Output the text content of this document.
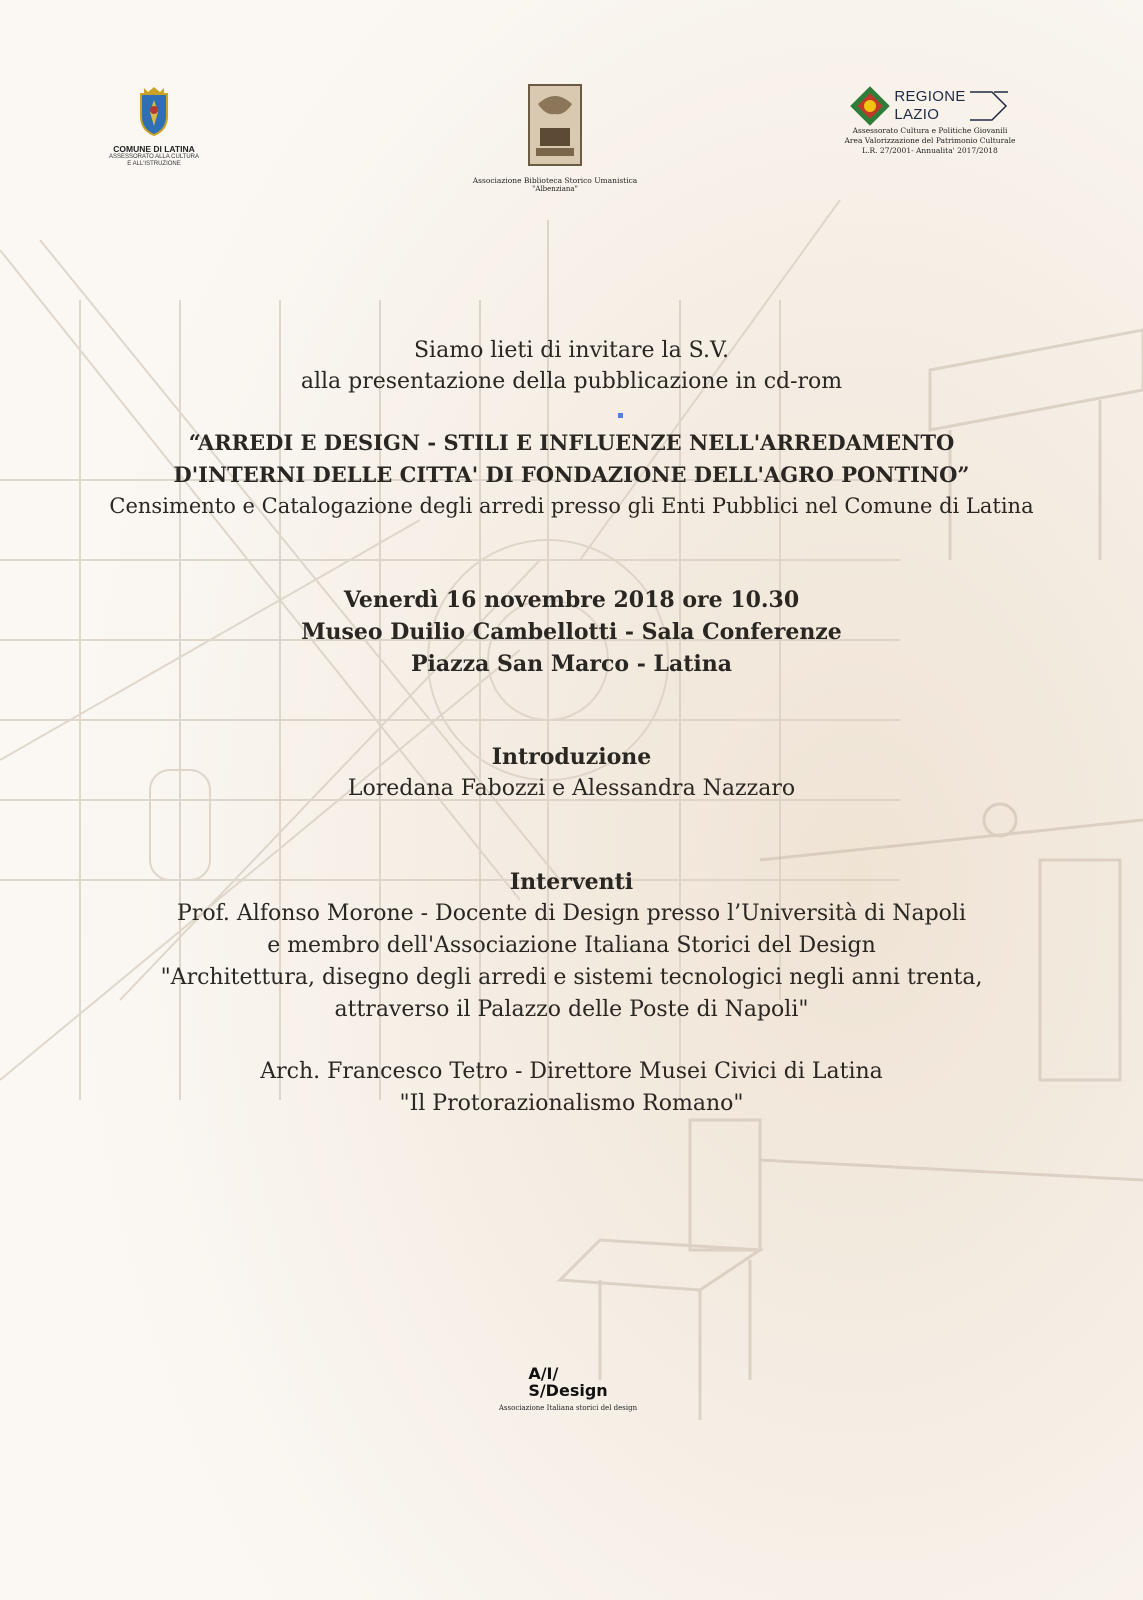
COMUNE DI LATINA
ASSESSORATO ALLA CULTURA
E ALL'ISTRUZIONE
Associazione Biblioteca Storico Umanistica
"Albenziana"
REGIONE
LAZIO
Assessorato Cultura e Politiche Giovanili
Area Valorizzazione del Patrimonio Culturale
L.R. 27/2001- Annualita' 2017/2018
Siamo lieti di invitare la S.V.
alla presentazione della pubblicazione in cd-rom
“ARREDI E DESIGN - STILI E INFLUENZE NELL'ARREDAMENTO
D'INTERNI DELLE CITTA' DI FONDAZIONE DELL'AGRO PONTINO”
Censimento e Catalogazione degli arredi presso gli Enti Pubblici nel Comune di Latina
Venerdì 16 novembre 2018 ore 10.30
Museo Duilio Cambellotti - Sala Conferenze
Piazza San Marco - Latina
Introduzione
Loredana Fabozzi e Alessandra Nazzaro
Interventi
Prof. Alfonso Morone - Docente di Design presso l’Università di Napoli
e membro dell'Associazione Italiana Storici del Design
"Architettura, disegno degli arredi e sistemi tecnologici negli anni trenta,
attraverso il Palazzo delle Poste di Napoli"
Arch. Francesco Tetro - Direttore Musei Civici di Latina
"Il Protorazionalismo Romano"
A/I/
S/Design
Associazione Italiana storici del design
